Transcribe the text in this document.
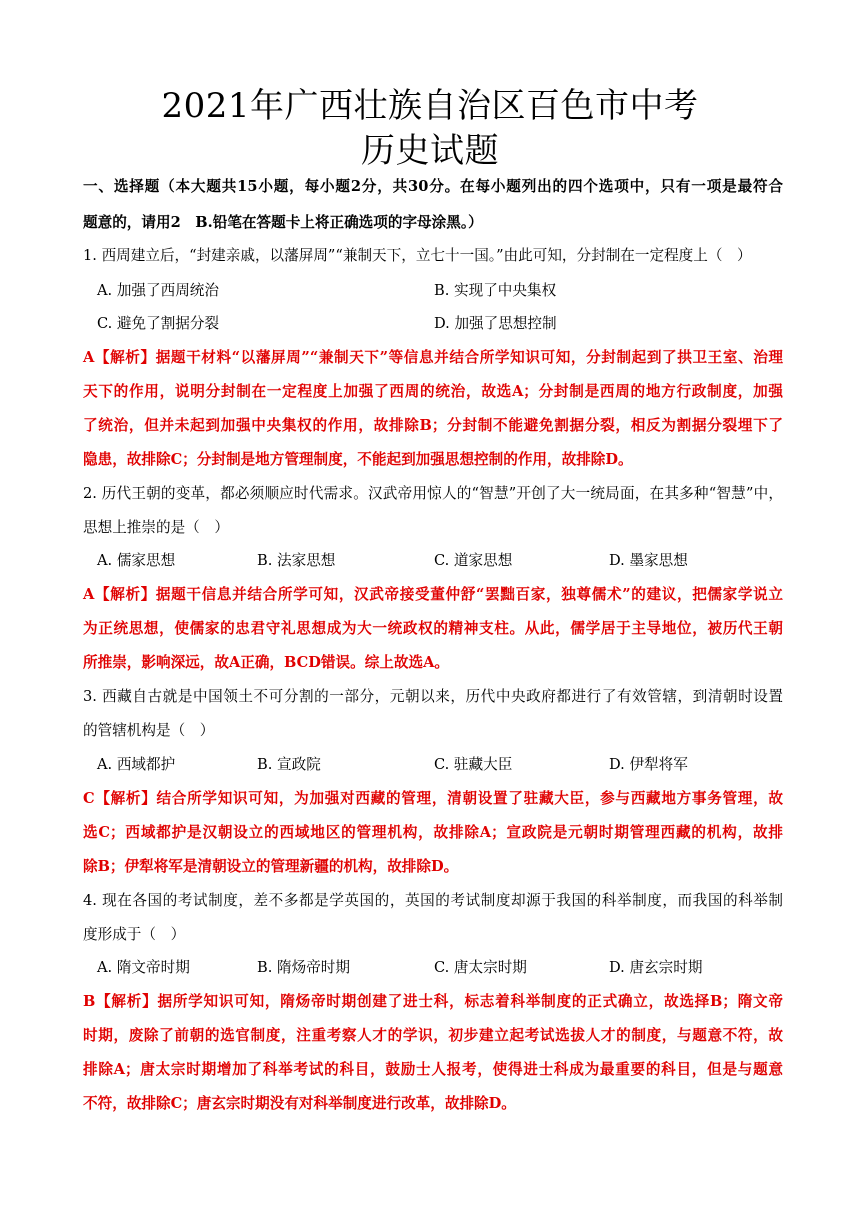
2021年广西壮族自治区百色市中考
历史试题
一、选择题（本大题共15小题，每小题2分，共30分。在每小题列出的四个选项中，只有一项是最符合
题意的，请用2　B.铅笔在答题卡上将正确选项的字母涂黑。）
1. 西周建立后，“封建亲戚，以藩屏周”“兼制天下，立七十一国。”由此可知，分封制在一定程度上（　）
A. 加强了西周统治	B. 实现了中央集权
C. 避免了割据分裂	D. 加强了思想控制
A【解析】据题干材料“以藩屏周”“兼制天下”等信息并结合所学知识可知，分封制起到了拱卫王室、治理
天下的作用，说明分封制在一定程度上加强了西周的统治，故选A；分封制是西周的地方行政制度，加强
了统治，但并未起到加强中央集权的作用，故排除B；分封制不能避免割据分裂，相反为割据分裂埋下了
隐患，故排除C；分封制是地方管理制度，不能起到加强思想控制的作用，故排除D。
2. 历代王朝的变革，都必须顺应时代需求。汉武帝用惊人的“智慧”开创了大一统局面，在其多种“智慧”中，
思想上推崇的是（　）
A. 儒家思想	B. 法家思想	C. 道家思想	D. 墨家思想
A【解析】据题干信息并结合所学可知，汉武帝接受董仲舒“罢黜百家，独尊儒术”的建议，把儒家学说立
为正统思想，使儒家的忠君守礼思想成为大一统政权的精神支柱。从此，儒学居于主导地位，被历代王朝
所推崇，影响深远，故A正确，BCD错误。综上故选A。
3. 西藏自古就是中国领土不可分割的一部分，元朝以来，历代中央政府都进行了有效管辖，到清朝时设置
的管辖机构是（　）
A. 西域都护	B. 宣政院	C. 驻藏大臣	D. 伊犁将军
C【解析】结合所学知识可知，为加强对西藏的管理，清朝设置了驻藏大臣，参与西藏地方事务管理，故
选C；西域都护是汉朝设立的西域地区的管理机构，故排除A；宣政院是元朝时期管理西藏的机构，故排
除B；伊犁将军是清朝设立的管理新疆的机构，故排除D。
4. 现在各国的考试制度，差不多都是学英国的，英国的考试制度却源于我国的科举制度，而我国的科举制
度形成于（　）
A. 隋文帝时期	B. 隋炀帝时期	C. 唐太宗时期	D. 唐玄宗时期
B【解析】据所学知识可知，隋炀帝时期创建了进士科，标志着科举制度的正式确立，故选择B；隋文帝
时期，废除了前朝的选官制度，注重考察人才的学识，初步建立起考试选拔人才的制度，与题意不符，故
排除A；唐太宗时期增加了科举考试的科目，鼓励士人报考，使得进士科成为最重要的科目，但是与题意
不符，故排除C；唐玄宗时期没有对科举制度进行改革，故排除D。
